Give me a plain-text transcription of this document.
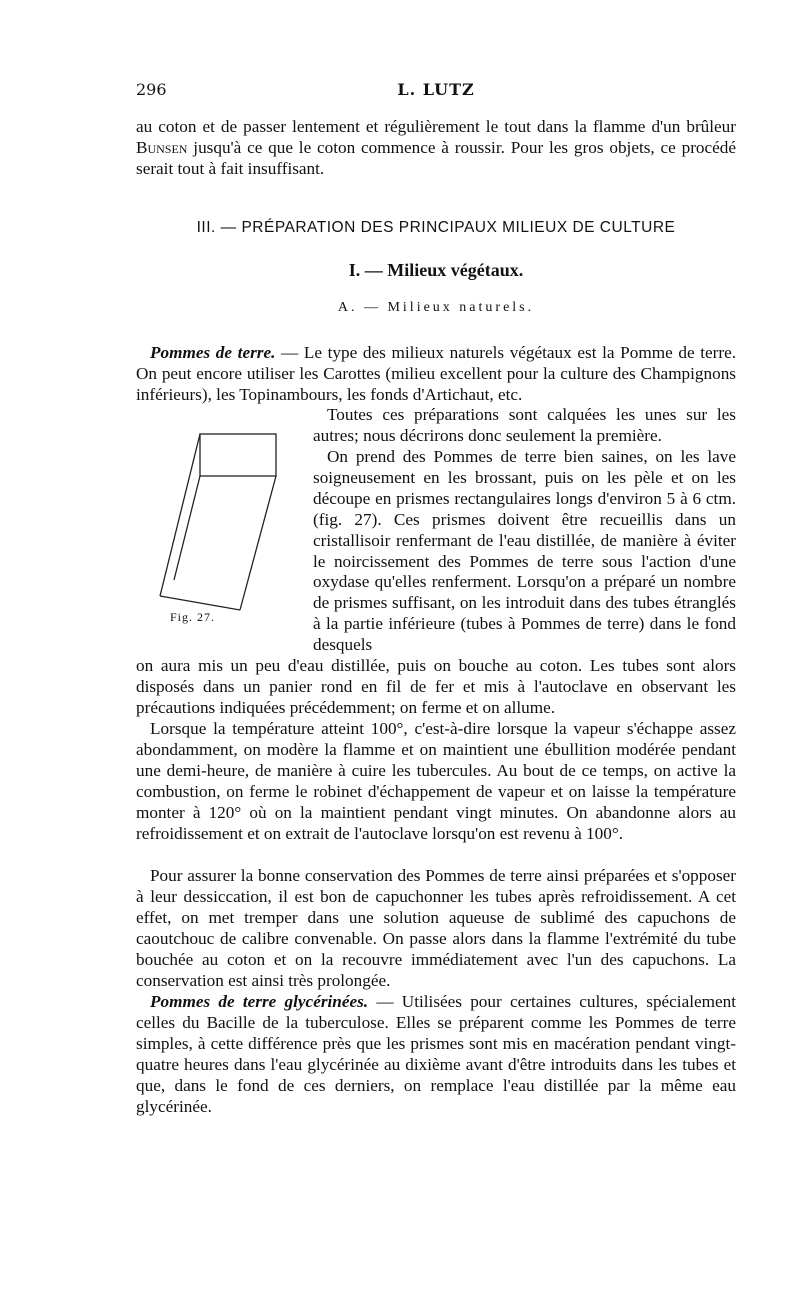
296	L. LUTZ

au coton et de passer lentement et régulièrement le tout dans la flamme d'un brûleur Bunsen jusqu'à ce que le coton commence à roussir. Pour les gros objets, ce procédé serait tout à fait insuffisant.

III. — PRÉPARATION DES PRINCIPAUX MILIEUX DE CULTURE

I. — Milieux végétaux.

A. — Milieux naturels.

Pommes de terre. — Le type des milieux naturels végétaux est la Pomme de terre. On peut encore utiliser les Carottes (milieu excellent pour la culture des Champignons inférieurs), les Topinambours, les fonds d'Artichaut, etc.

Fig. 27.

Toutes ces préparations sont calquées les unes sur les autres; nous décrirons donc seulement la première.

On prend des Pommes de terre bien saines, on les lave soigneusement en les brossant, puis on les pèle et on les découpe en prismes rectangulaires longs d'environ 5 à 6 ctm. (fig. 27). Ces prismes doivent être recueillis dans un cristallisoir renfermant de l'eau distillée, de manière à éviter le noircissement des Pommes de terre sous l'action d'une oxydase qu'elles renferment. Lorsqu'on a préparé un nombre de prismes suffisant, on les introduit dans des tubes étranglés à la partie inférieure (tubes à Pommes de terre) dans le fond desquels

on aura mis un peu d'eau distillée, puis on bouche au coton. Les tubes sont alors disposés dans un panier rond en fil de fer et mis à l'autoclave en observant les précautions indiquées précédemment; on ferme et on allume.

Lorsque la température atteint 100°, c'est-à-dire lorsque la vapeur s'échappe assez abondamment, on modère la flamme et on maintient une ébullition modérée pendant une demi-heure, de manière à cuire les tubercules. Au bout de ce temps, on active la combustion, on ferme le robinet d'échappement de vapeur et on laisse la température monter à 120° où on la maintient pendant vingt minutes. On abandonne alors au refroidissement et on extrait de l'autoclave lorsqu'on est revenu à 100°.

Pour assurer la bonne conservation des Pommes de terre ainsi préparées et s'opposer à leur dessiccation, il est bon de capuchonner les tubes après refroidissement. A cet effet, on met tremper dans une solution aqueuse de sublimé des capuchons de caoutchouc de calibre convenable. On passe alors dans la flamme l'extrémité du tube bouchée au coton et on la recouvre immédiatement avec l'un des capuchons. La conservation est ainsi très prolongée.

Pommes de terre glycérinées. — Utilisées pour certaines cultures, spécialement celles du Bacille de la tuberculose. Elles se préparent comme les Pommes de terre simples, à cette différence près que les prismes sont mis en macération pendant vingt-quatre heures dans l'eau glycérinée au dixième avant d'être introduits dans les tubes et que, dans le fond de ces derniers, on remplace l'eau distillée par la même eau glycérinée.
